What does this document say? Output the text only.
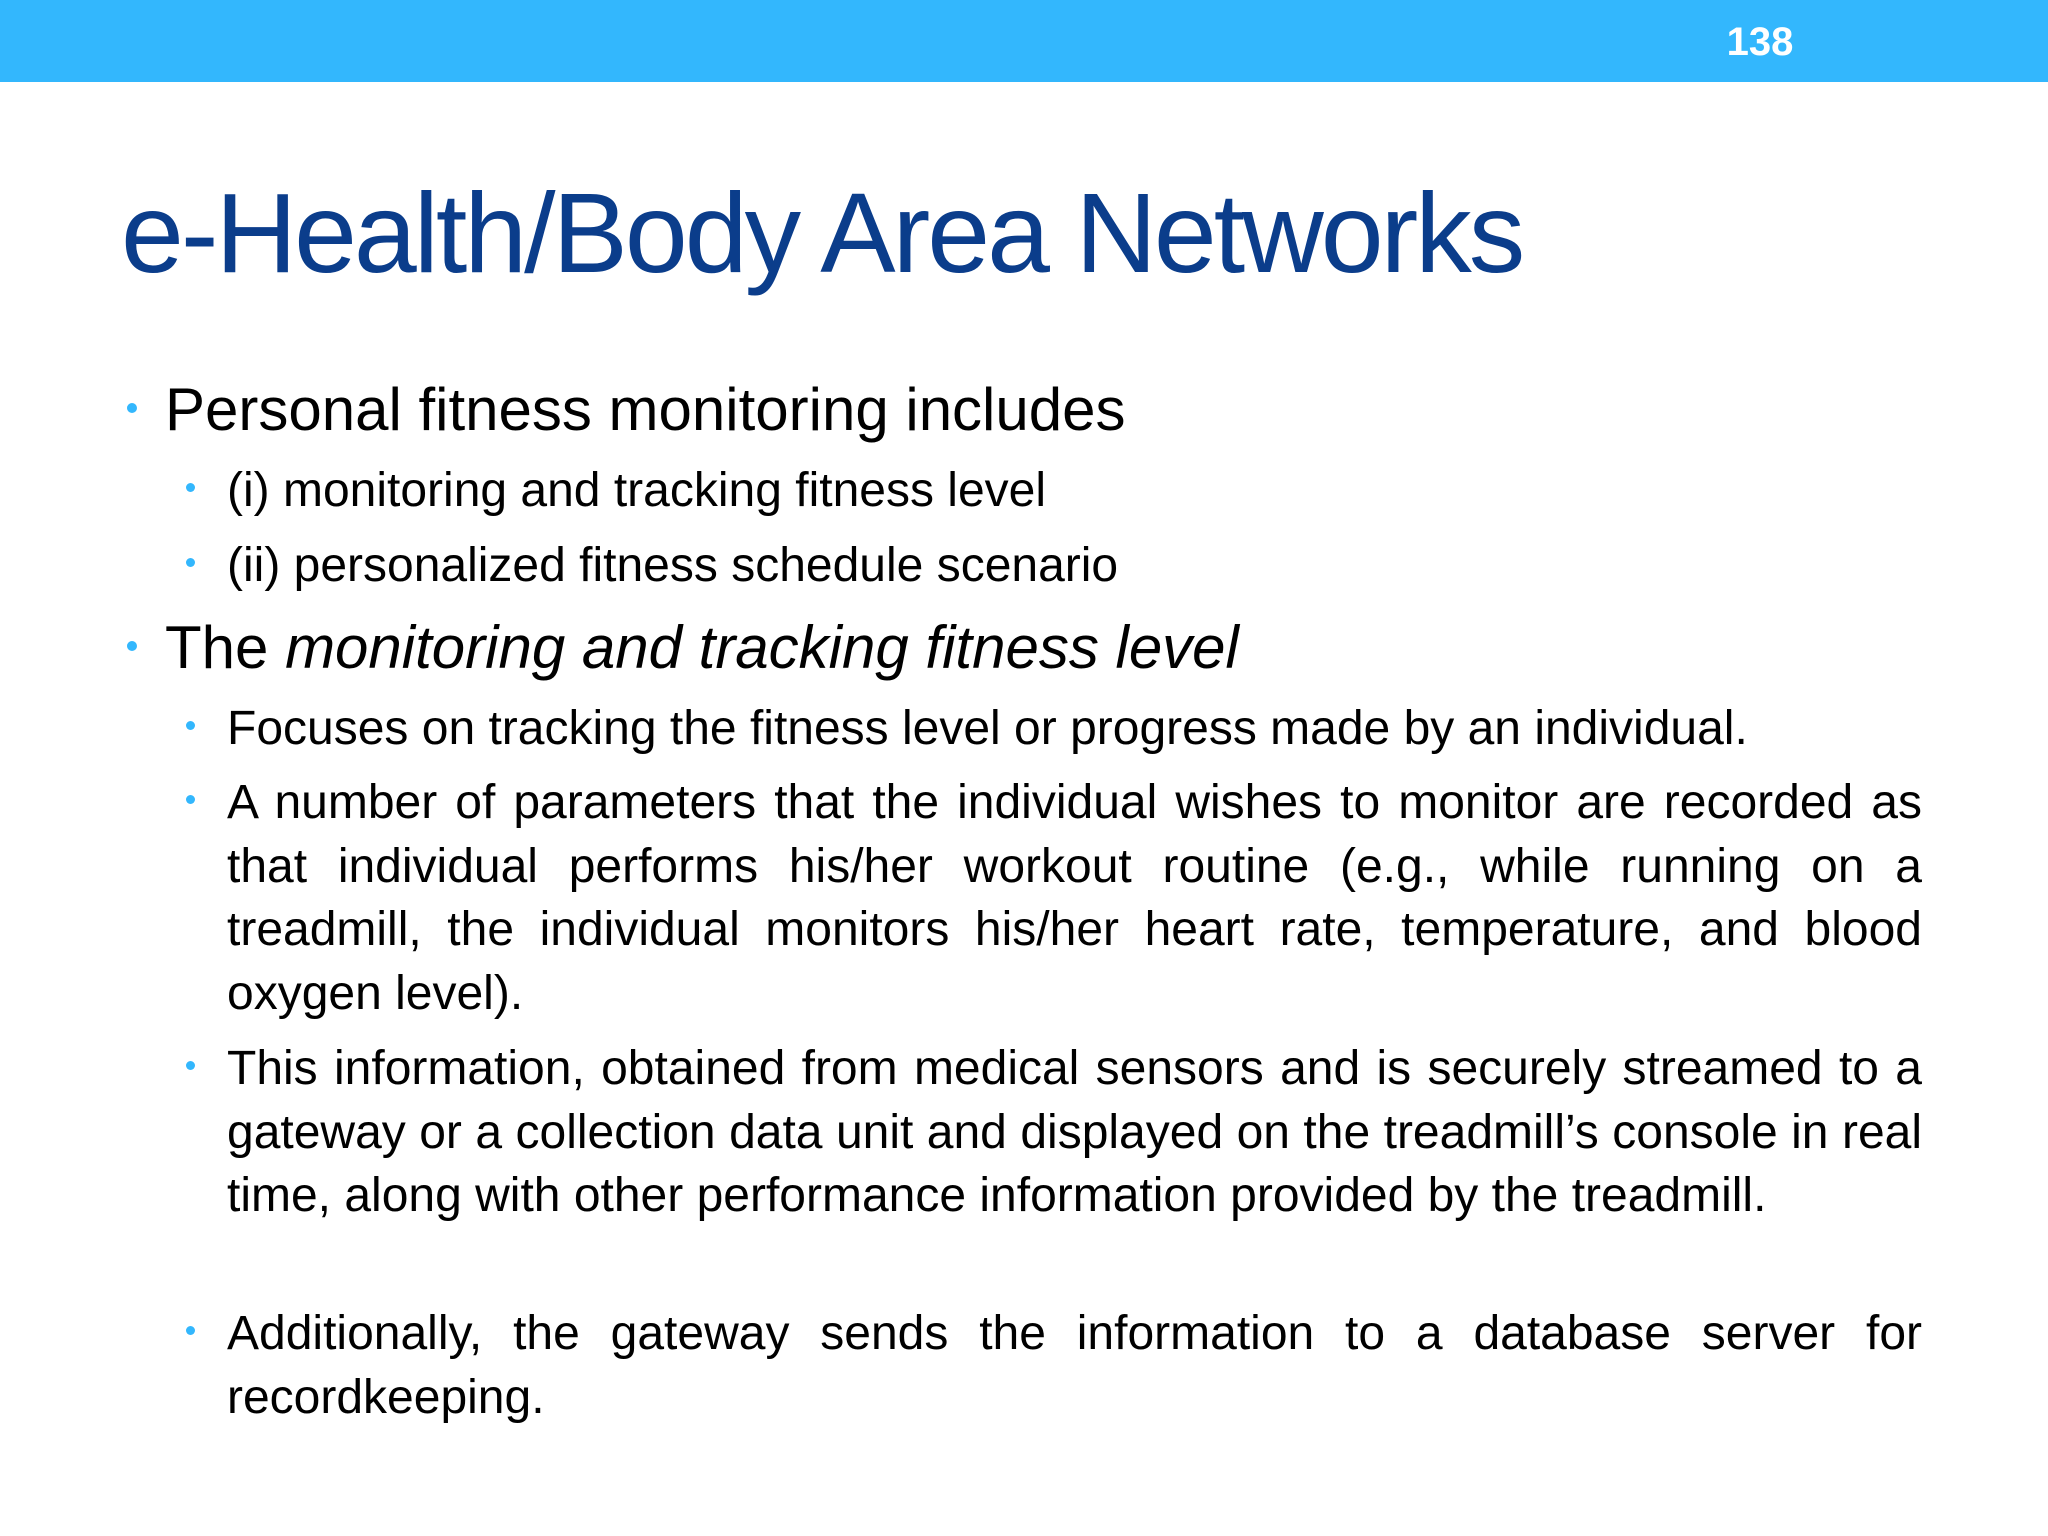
138
e-Health/Body Area Networks
Personal fitness monitoring includes
(i) monitoring and tracking fitness level
(ii) personalized fitness schedule scenario
The monitoring and tracking fitness level
Focuses on tracking the fitness level or progress made by an individual.
A number of parameters that the individual wishes to monitor are recorded as that individual performs his/her workout routine (e.g., while running on a treadmill, the individual monitors his/her heart rate, temperature, and blood oxygen level).
This information, obtained from medical sensors and is securely streamed to a gateway or a collection data unit and displayed on the treadmill’s console in real time, along with other performance information provided by the treadmill.
Additionally, the gateway sends the information to a database server for recordkeeping.
